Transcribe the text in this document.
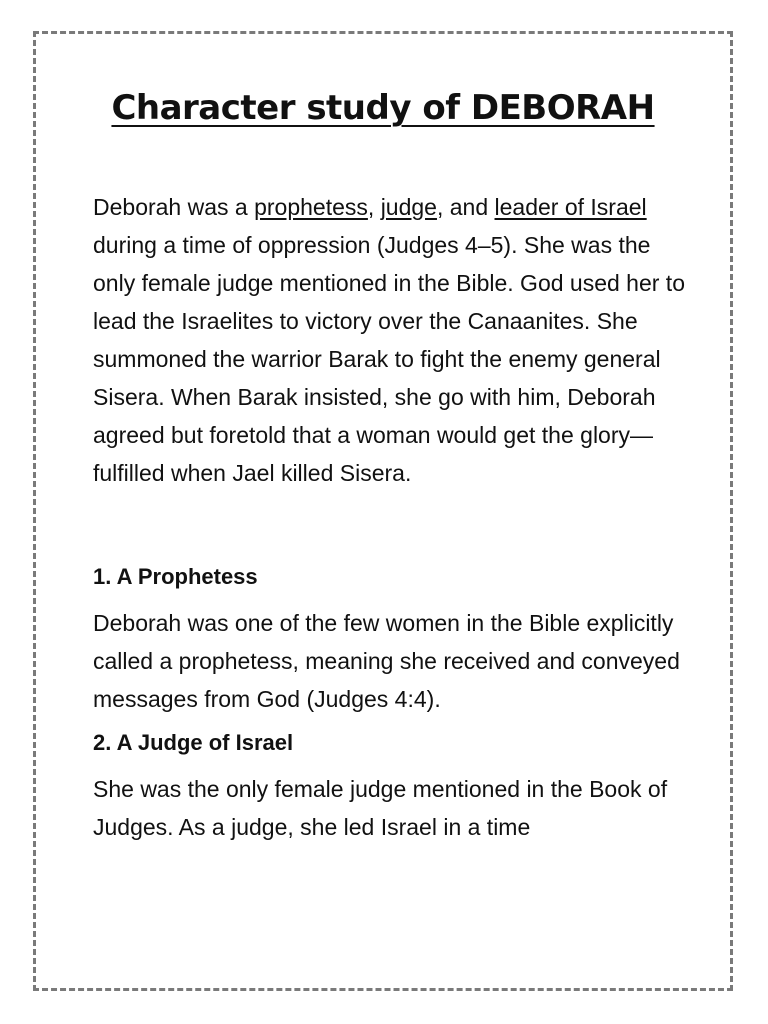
Character study of DEBORAH

Deborah was a prophetess, judge, and leader of Israel during a time of oppression (Judges 4–5). She was the only female judge mentioned in the Bible. God used her to lead the Israelites to victory over the Canaanites. She summoned the warrior Barak to fight the enemy general Sisera. When Barak insisted, she go with him, Deborah agreed but foretold that a woman would get the glory—fulfilled when Jael killed Sisera.

1. A Prophetess

Deborah was one of the few women in the Bible explicitly called a prophetess, meaning she received and conveyed messages from God (Judges 4:4).

2. A Judge of Israel

She was the only female judge mentioned in the Book of Judges. As a judge, she led Israel in a time
